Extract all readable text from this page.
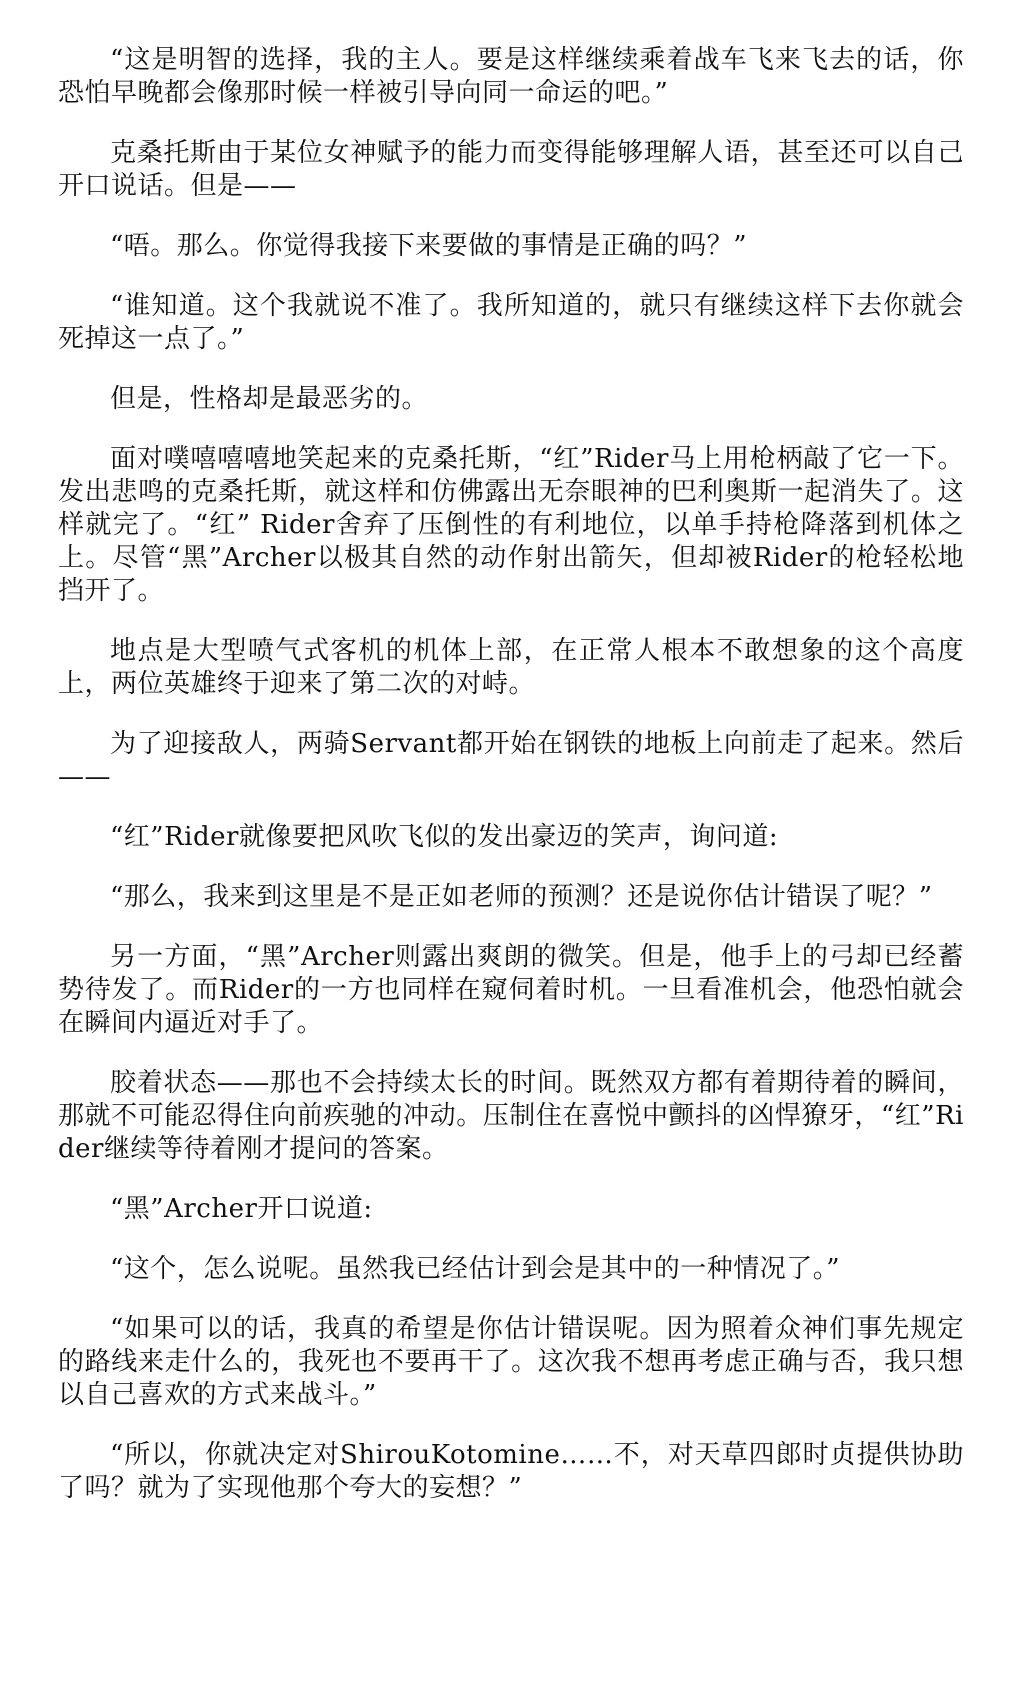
“这是明智的选择，我的主人。要是这样继续乘着战车飞来飞去的话，你恐怕早晚都会像那时候一样被引导向同一命运的吧。”

克桑托斯由于某位女神赋予的能力而变得能够理解人语，甚至还可以自己开口说话。但是——

“唔。那么。你觉得我接下来要做的事情是正确的吗？”

“谁知道。这个我就说不准了。我所知道的，就只有继续这样下去你就会死掉这一点了。”

但是，性格却是最恶劣的。

面对噗嘻嘻嘻地笑起来的克桑托斯，“红”Rider马上用枪柄敲了它一下。发出悲鸣的克桑托斯，就这样和仿佛露出无奈眼神的巴利奥斯一起消失了。这样就完了。“红” Rider舍弃了压倒性的有利地位，以单手持枪降落到机体之上。尽管“黑”Archer以极其自然的动作射出箭矢，但却被Rider的枪轻松地挡开了。

地点是大型喷气式客机的机体上部，在正常人根本不敢想象的这个高度上，两位英雄终于迎来了第二次的对峙。

为了迎接敌人，两骑Servant都开始在钢铁的地板上向前走了起来。然后——

“红”Rider就像要把风吹飞似的发出豪迈的笑声，询问道:

“那么，我来到这里是不是正如老师的预测？还是说你估计错误了呢？”

另一方面，“黑”Archer则露出爽朗的微笑。但是，他手上的弓却已经蓄势待发了。而Rider的一方也同样在窥伺着时机。一旦看准机会，他恐怕就会在瞬间内逼近对手了。

胶着状态——那也不会持续太长的时间。既然双方都有着期待着的瞬间，那就不可能忍得住向前疾驰的冲动。压制住在喜悦中颤抖的凶悍獠牙，“红”Rider继续等待着刚才提问的答案。

“黑”Archer开口说道:

“这个，怎么说呢。虽然我已经估计到会是其中的一种情况了。”

“如果可以的话，我真的希望是你估计错误呢。因为照着众神们事先规定的路线来走什么的，我死也不要再干了。这次我不想再考虑正确与否，我只想以自己喜欢的方式来战斗。”

“所以，你就决定对ShirouKotomine……不，对天草四郎时贞提供协助了吗？就为了实现他那个夸大的妄想？”
